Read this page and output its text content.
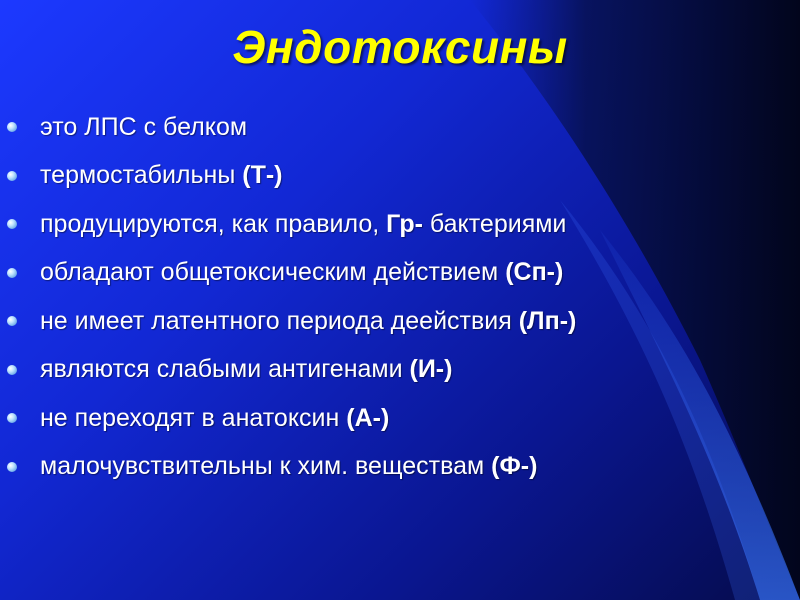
Эндотоксины
это ЛПС с белком
термостабильны (Т-)
продуцируются, как правило, Гр- бактериями
обладают общетоксическим действием (Сп-)
не имеет латентного периода деействия (Лп-)
являются слабыми антигенами (И-)
не переходят в анатоксин (А-)
малочувствительны к хим. веществам (Ф-)
